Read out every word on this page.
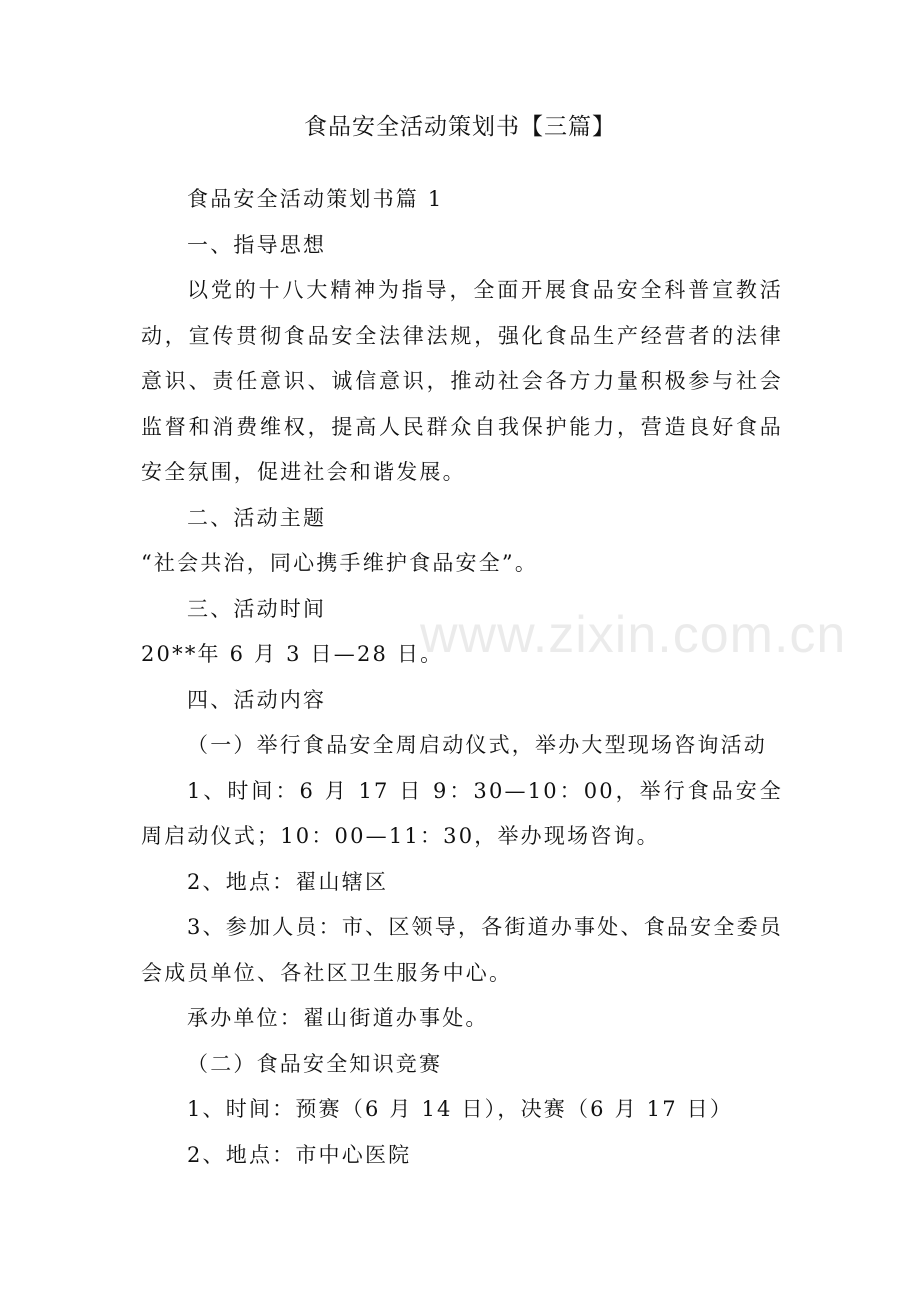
www.zixin.com.cn
食品安全活动策划书【三篇】

食品安全活动策划书篇 1

一、指导思想

以党的十八大精神为指导，全面开展食品安全科普宣教活动，宣传贯彻食品安全法律法规，强化食品生产经营者的法律意识、责任意识、诚信意识，推动社会各方力量积极参与社会监督和消费维权，提高人民群众自我保护能力，营造良好食品安全氛围，促进社会和谐发展。

二、活动主题

“社会共治，同心携手维护食品安全”。

三、活动时间

20**年 6 月 3 日—28 日。

四、活动内容

（一）举行食品安全周启动仪式，举办大型现场咨询活动

1、时间：6 月 17 日 9：30—10：00，举行食品安全周启动仪式；10：00—11：30，举办现场咨询。

2、地点：翟山辖区

3、参加人员：市、区领导，各街道办事处、食品安全委员会成员单位、各社区卫生服务中心。

承办单位：翟山街道办事处。

（二）食品安全知识竞赛

1、时间：预赛（6 月 14 日），决赛（6 月 17 日）

2、地点：市中心医院
